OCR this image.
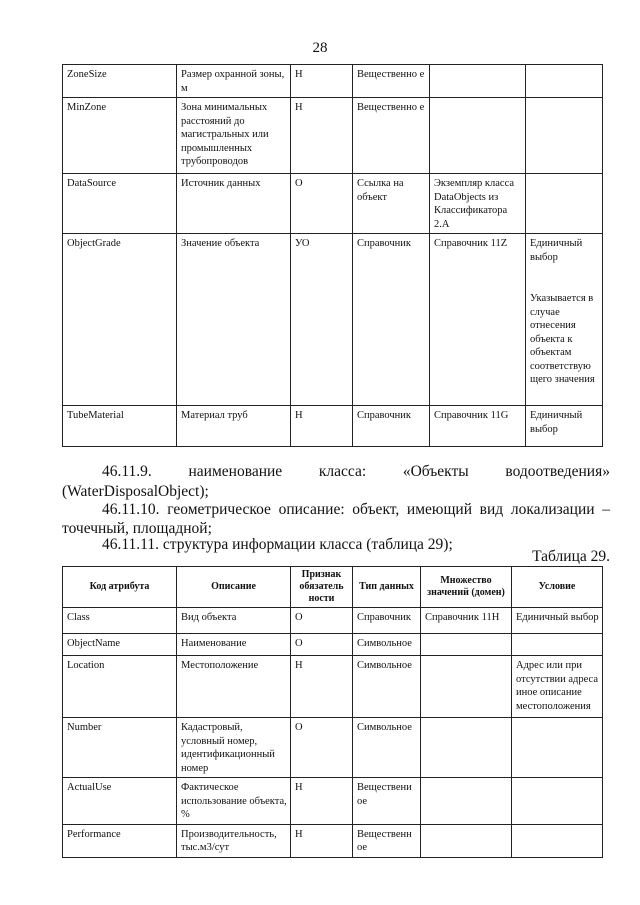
28
ZoneSize	Размер охранной зоны, м	Н	Вещественно е		
MinZone	Зона минимальных расстояний до магистральных или промышленных трубопроводов	Н	Вещественно е		
DataSource	Источник данных	О	Ссылка на объект	Экземпляр класса DataObjects из Классификатора 2.А	
ObjectGrade	Значение объекта	УО	Справочник	Справочник 11Z	Единичный выбор
Указывается в случае отнесения объекта к объектам соответствую щего значения
TubeMaterial	Материал труб	Н	Справочник	Справочник 11G	Единичный выбор
46.11.9. наименование класса: «Объекты водоотведения»
(WaterDisposalObject);
46.11.10. геометрическое описание: объект, имеющий вид локализации –
точечный, площадной;
46.11.11. структура информации класса (таблица 29);
Таблица 29.
Код атрибута	Описание	Признак обязатель ности	Тип данных	Множество значений (домен)	Условие
Class	Вид объекта	О	Справочник	Справочник 11H	Единичный выбор
ObjectName	Наименование	О	Символьное		
Location	Местоположение	Н	Символьное		Адрес или при отсутствии адреса иное описание местоположения
Number	Кадастровый, условный номер, идентификационный номер	О	Символьное		
ActualUse	Фактическое использование объекта, %	Н	Веществени ое		
Performance	Производительность, тыс.м3/сут	Н	Вещественн ое		
